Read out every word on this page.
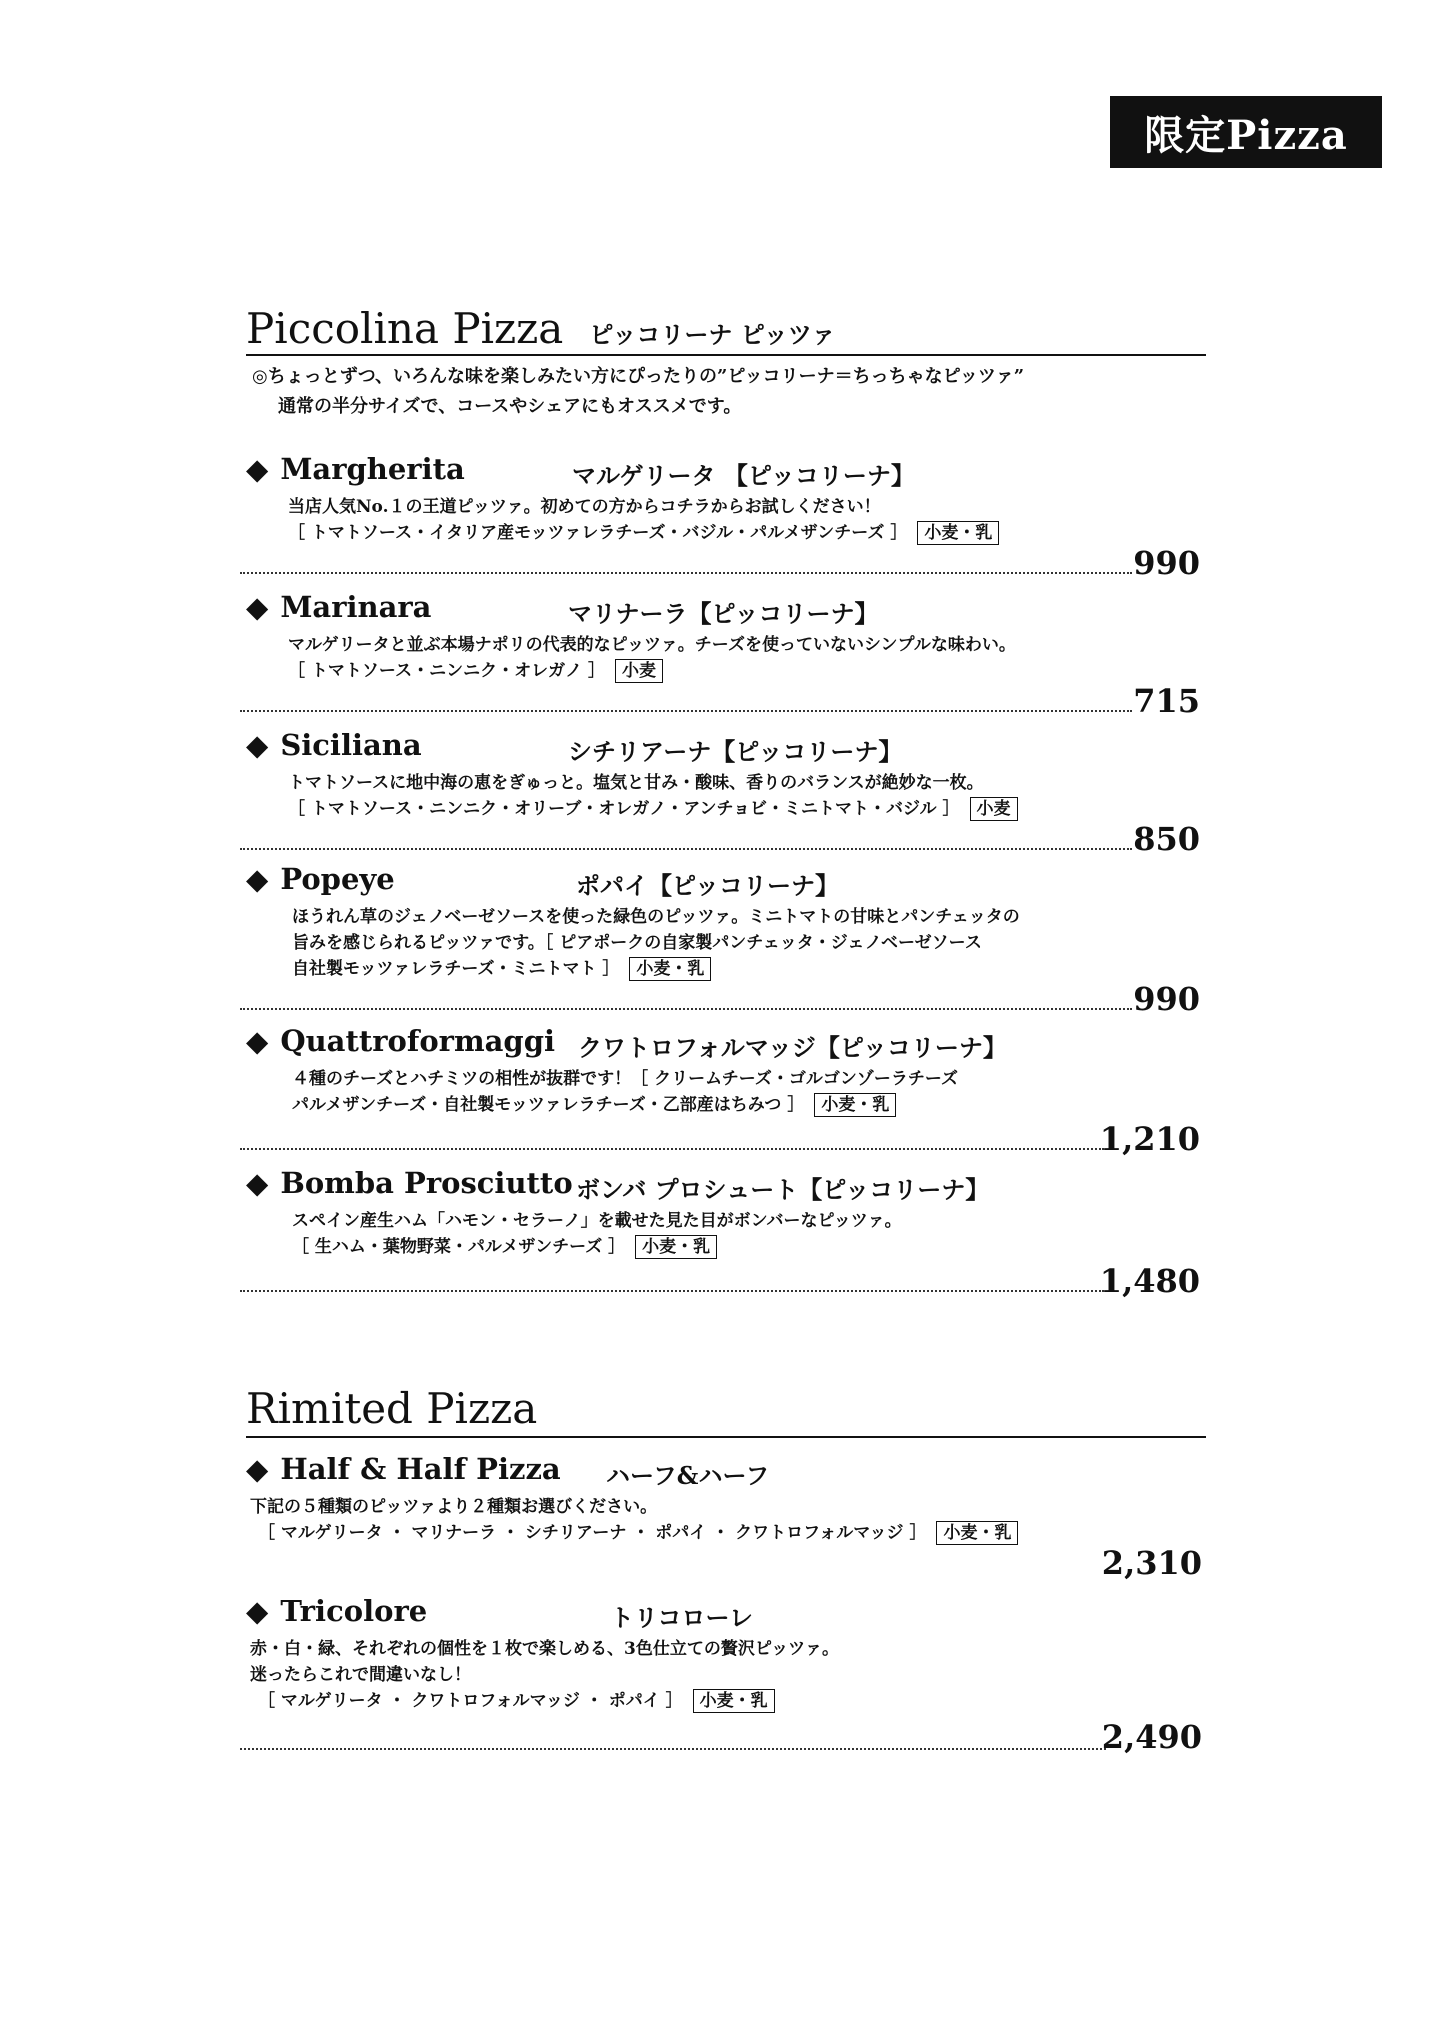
限定Pizza
Piccolina Pizza ピッコリーナ ピッツァ
◎ちょっとずつ、いろんな味を楽しみたい方にぴったりの”ピッコリーナ＝ちっちゃなピッツァ”
通常の半分サイズで、コースやシェアにもオススメです。
◆ Margherita	マルゲリータ 【ピッコリーナ】
当店人気No.１の王道ピッツァ。初めての方からコチラからお試しください！
［ トマトソース・イタリア産モッツァレラチーズ・バジル・パルメザンチーズ ］ 小麦・乳
990
◆ Marinara	マリナーラ【ピッコリーナ】
マルゲリータと並ぶ本場ナポリの代表的なピッツァ。チーズを使っていないシンプルな味わい。
［ トマトソース・ニンニク・オレガノ ］ 小麦
715
◆ Siciliana	シチリアーナ【ピッコリーナ】
トマトソースに地中海の恵をぎゅっと。塩気と甘み・酸味、香りのバランスが絶妙な一枚。
［ トマトソース・ニンニク・オリーブ・オレガノ・アンチョビ・ミニトマト・バジル ］ 小麦
850
◆ Popeye	ポパイ【ピッコリーナ】
ほうれん草のジェノベーゼソースを使った緑色のピッツァ。ミニトマトの甘味とパンチェッタの
旨みを感じられるピッツァです。［ ピアポークの自家製パンチェッタ・ジェノベーゼソース
自社製モッツァレラチーズ・ミニトマト ］ 小麦・乳
990
◆ Quattroformaggi クワトロフォルマッジ【ピッコリーナ】
４種のチーズとハチミツの相性が抜群です！［ クリームチーズ・ゴルゴンゾーラチーズ
パルメザンチーズ・自社製モッツァレラチーズ・乙部産はちみつ ］ 小麦・乳
1,210
◆ Bomba Prosciutto ボンバ プロシュート【ピッコリーナ】
スペイン産生ハム「ハモン・セラーノ」を載せた見た目がボンバーなピッツァ。
［ 生ハム・葉物野菜・パルメザンチーズ ］ 小麦・乳
1,480
Rimited Pizza
◆ Half & Half Pizza ハーフ&ハーフ
下記の５種類のピッツァより２種類お選びください。
［ マルゲリータ ・ マリナーラ ・ シチリアーナ ・ ポパイ ・ クワトロフォルマッジ ］ 小麦・乳
2,310
◆ Tricolore	トリコローレ
赤・白・緑、それぞれの個性を１枚で楽しめる、3色仕立ての贅沢ピッツァ。
迷ったらこれで間違いなし！
［ マルゲリータ ・ クワトロフォルマッジ ・ ポパイ ］ 小麦・乳
2,490
